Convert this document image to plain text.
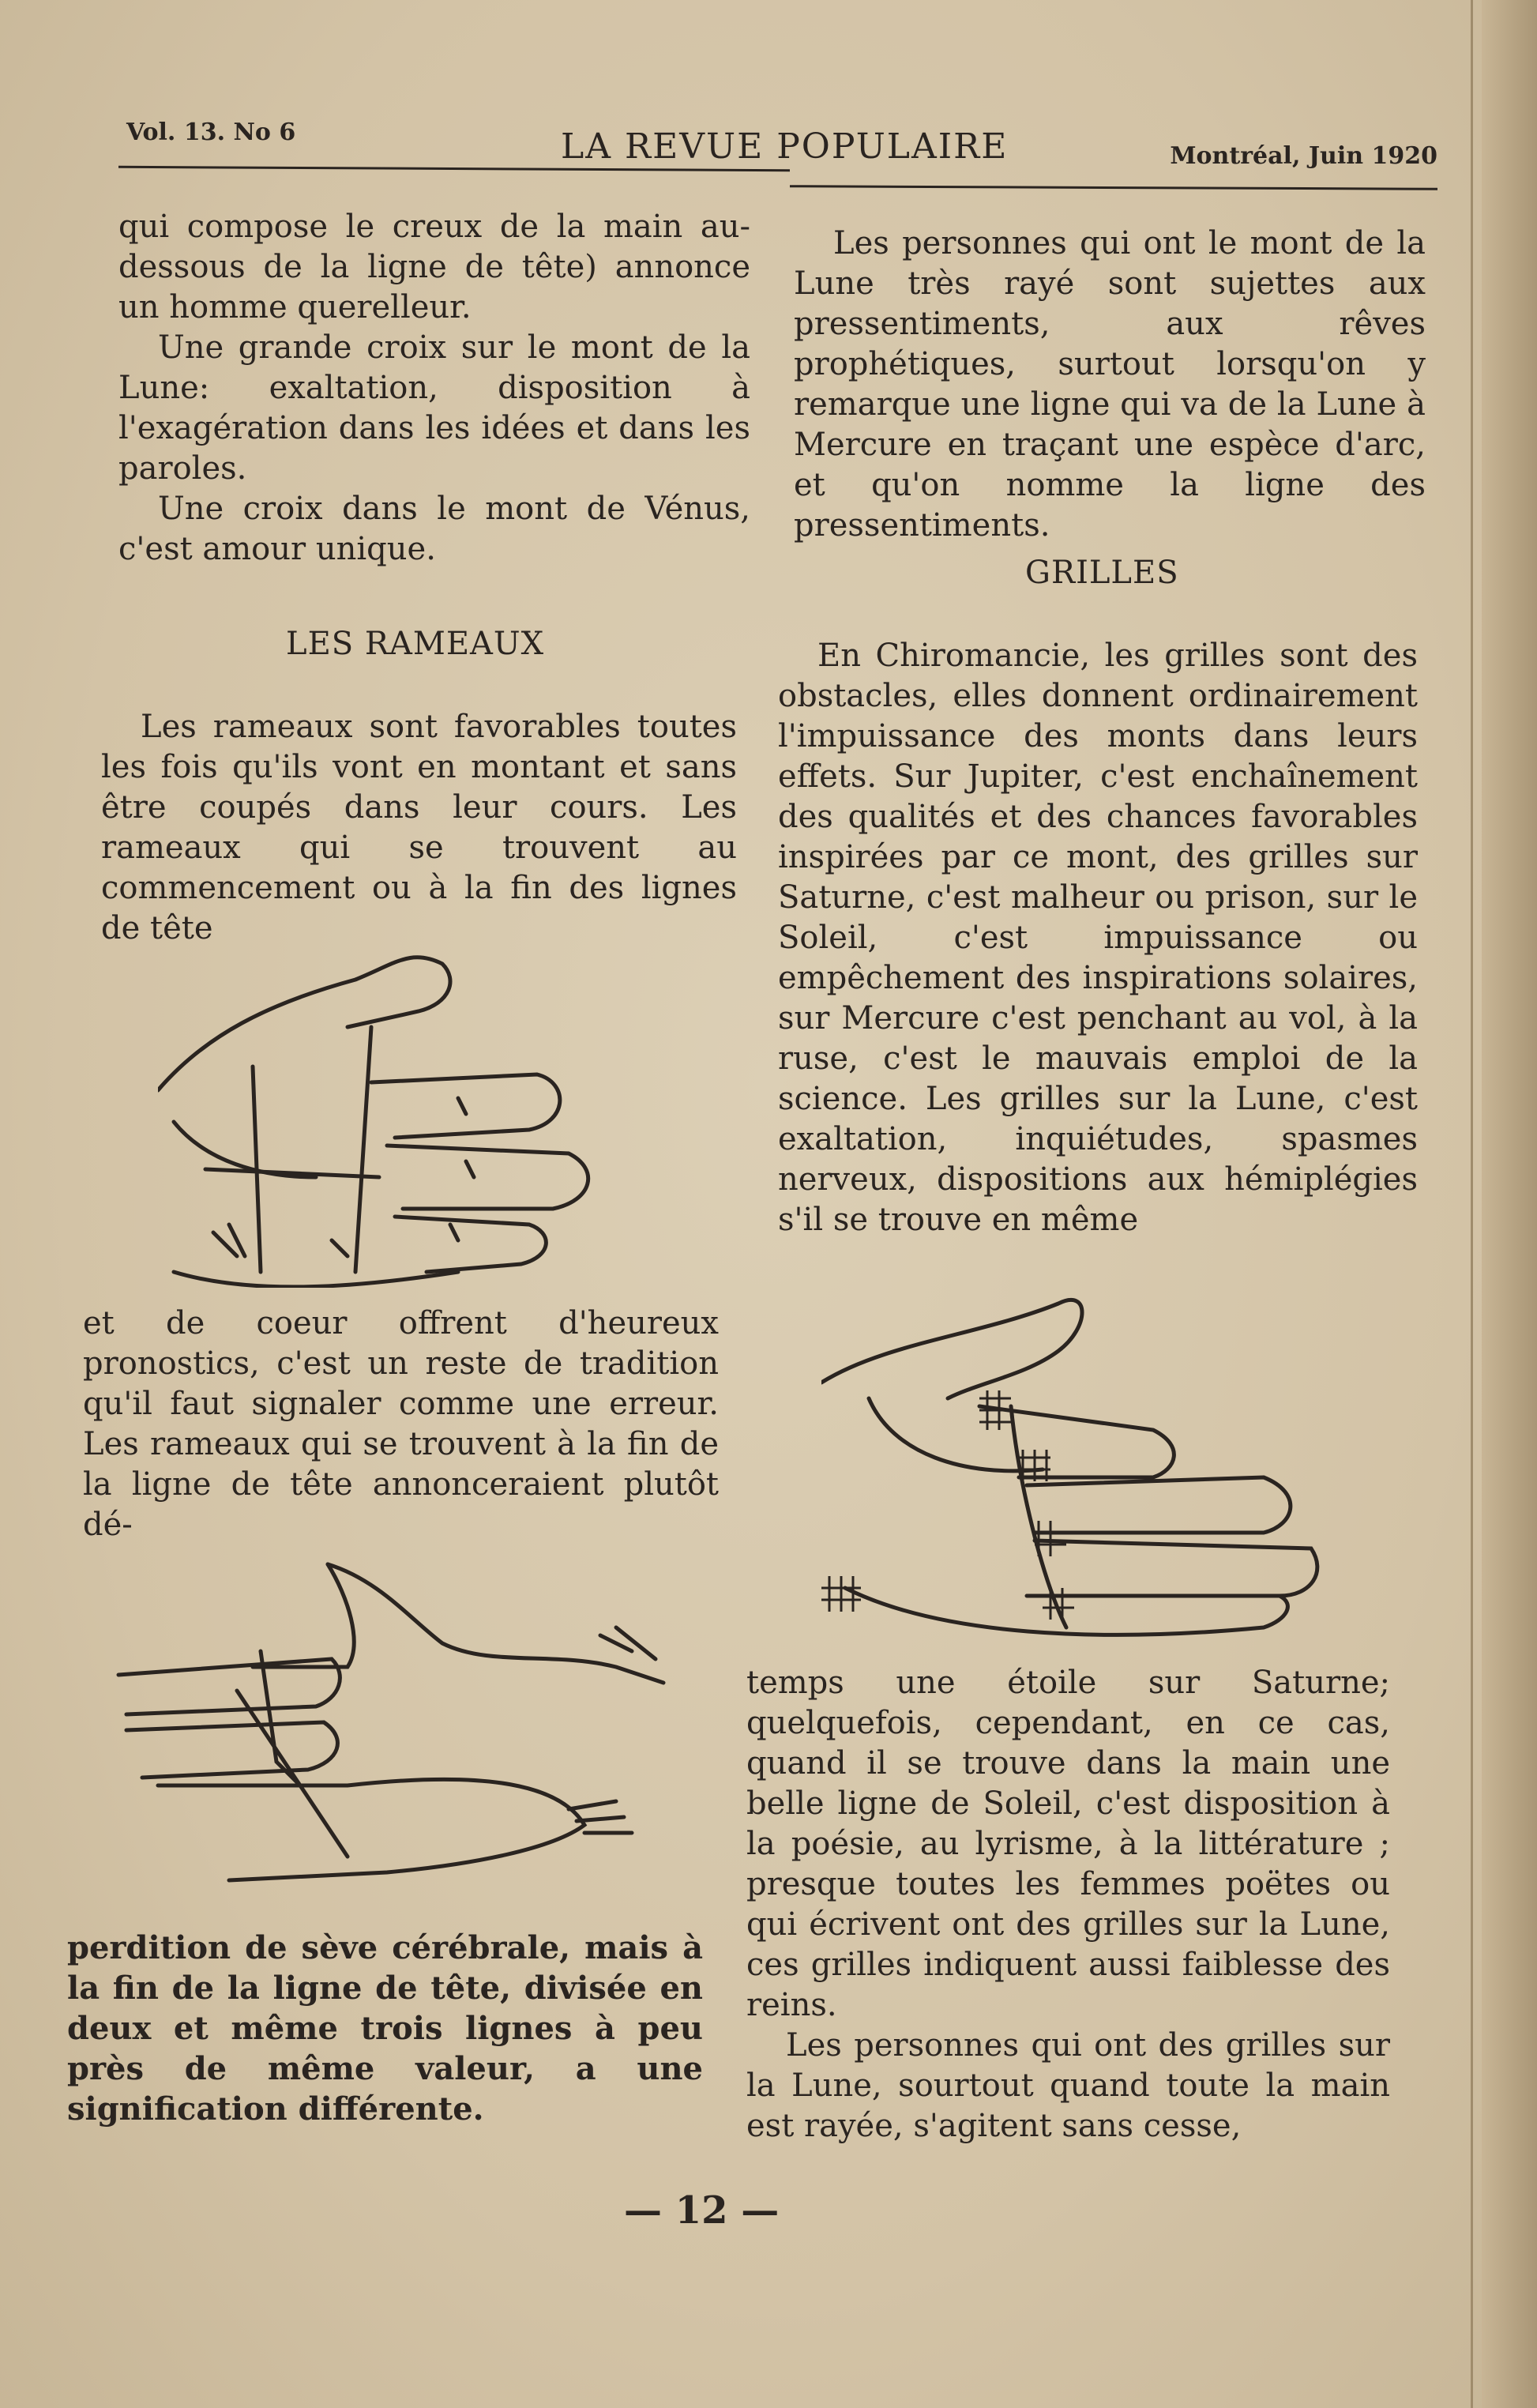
Vol. 13. No 6	LA REVUE POPULAIRE	Montréal, Juin 1920

qui compose le creux de la main au-dessous de la ligne de tête) annonce un homme querelleur.

Une grande croix sur le mont de la Lune: exaltation, disposition à l'exagération dans les idées et dans les paroles.

Une croix dans le mont de Vénus, c'est amour unique.

LES RAMEAUX

Les rameaux sont favorables toutes les fois qu'ils vont en montant et sans être coupés dans leur cours. Les rameaux qui se trouvent au commencement ou à la fin des lignes de tête

et de coeur offrent d'heureux pronostics, c'est un reste de tradition qu'il faut signaler comme une erreur. Les rameaux qui se trouvent à la fin de la ligne de tête annonceraient plutôt dé-

perdition de sève cérébrale, mais à la fin de la ligne de tête, divisée en deux et même trois lignes à peu près de même valeur, a une signification différente.

Les personnes qui ont le mont de la Lune très rayé sont sujettes aux pressentiments, aux rêves prophétiques, surtout lorsqu'on y remarque une ligne qui va de la Lune à Mercure en traçant une espèce d'arc, et qu'on nomme la ligne des pressentiments.

GRILLES

En Chiromancie, les grilles sont des obstacles, elles donnent ordinairement l'impuissance des monts dans leurs effets. Sur Jupiter, c'est enchaînement des qualités et des chances favorables inspirées par ce mont, des grilles sur Saturne, c'est malheur ou prison, sur le Soleil, c'est impuissance ou empêchement des inspirations solaires, sur Mercure c'est penchant au vol, à la ruse, c'est le mauvais emploi de la science. Les grilles sur la Lune, c'est exaltation, inquiétudes, spasmes nerveux, dispositions aux hémiplégies s'il se trouve en même

temps une étoile sur Saturne; quelquefois, cependant, en ce cas, quand il se trouve dans la main une belle ligne de Soleil, c'est disposition à la poésie, au lyrisme, à la littérature ; presque toutes les femmes poëtes ou qui écrivent ont des grilles sur la Lune, ces grilles indiquent aussi faiblesse des reins.

Les personnes qui ont des grilles sur la Lune, sourtout quand toute la main est rayée, s'agitent sans cesse,

— 12 —
